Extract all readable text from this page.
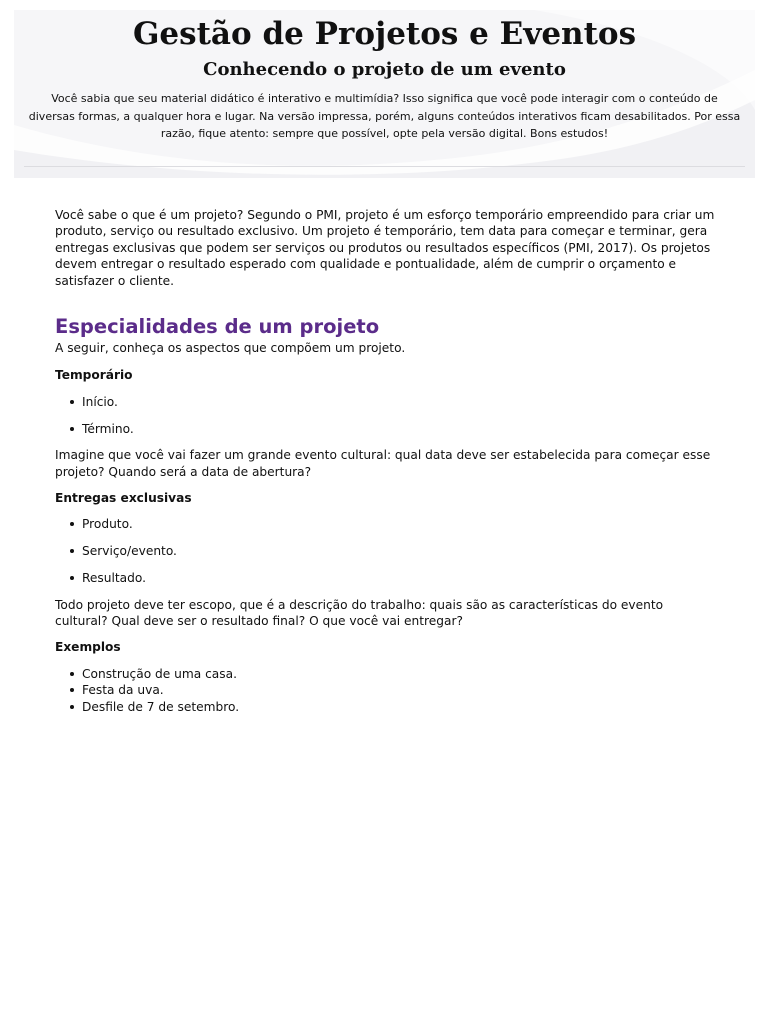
Gestão de Projetos e Eventos
Conhecendo o projeto de um evento

Você sabia que seu material didático é interativo e multimídia? Isso significa que você pode interagir com o conteúdo de diversas formas, a qualquer hora e lugar. Na versão impressa, porém, alguns conteúdos interativos ficam desabilitados. Por essa razão, fique atento: sempre que possível, opte pela versão digital. Bons estudos!

Você sabe o que é um projeto? Segundo o PMI, projeto é um esforço temporário empreendido para criar um produto, serviço ou resultado exclusivo. Um projeto é temporário, tem data para começar e terminar, gera entregas exclusivas que podem ser serviços ou produtos ou resultados específicos (PMI, 2017). Os projetos devem entregar o resultado esperado com qualidade e pontualidade, além de cumprir o orçamento e satisfazer o cliente.

Especialidades de um projeto

A seguir, conheça os aspectos que compõem um projeto.

Temporário
Início.
Término.

Imagine que você vai fazer um grande evento cultural: qual data deve ser estabelecida para começar esse projeto? Quando será a data de abertura?

Entregas exclusivas
Produto.
Serviço/evento.
Resultado.

Todo projeto deve ter escopo, que é a descrição do trabalho: quais são as características do evento cultural? Qual deve ser o resultado final? O que você vai entregar?

Exemplos
Construção de uma casa.
Festa da uva.
Desfile de 7 de setembro.
